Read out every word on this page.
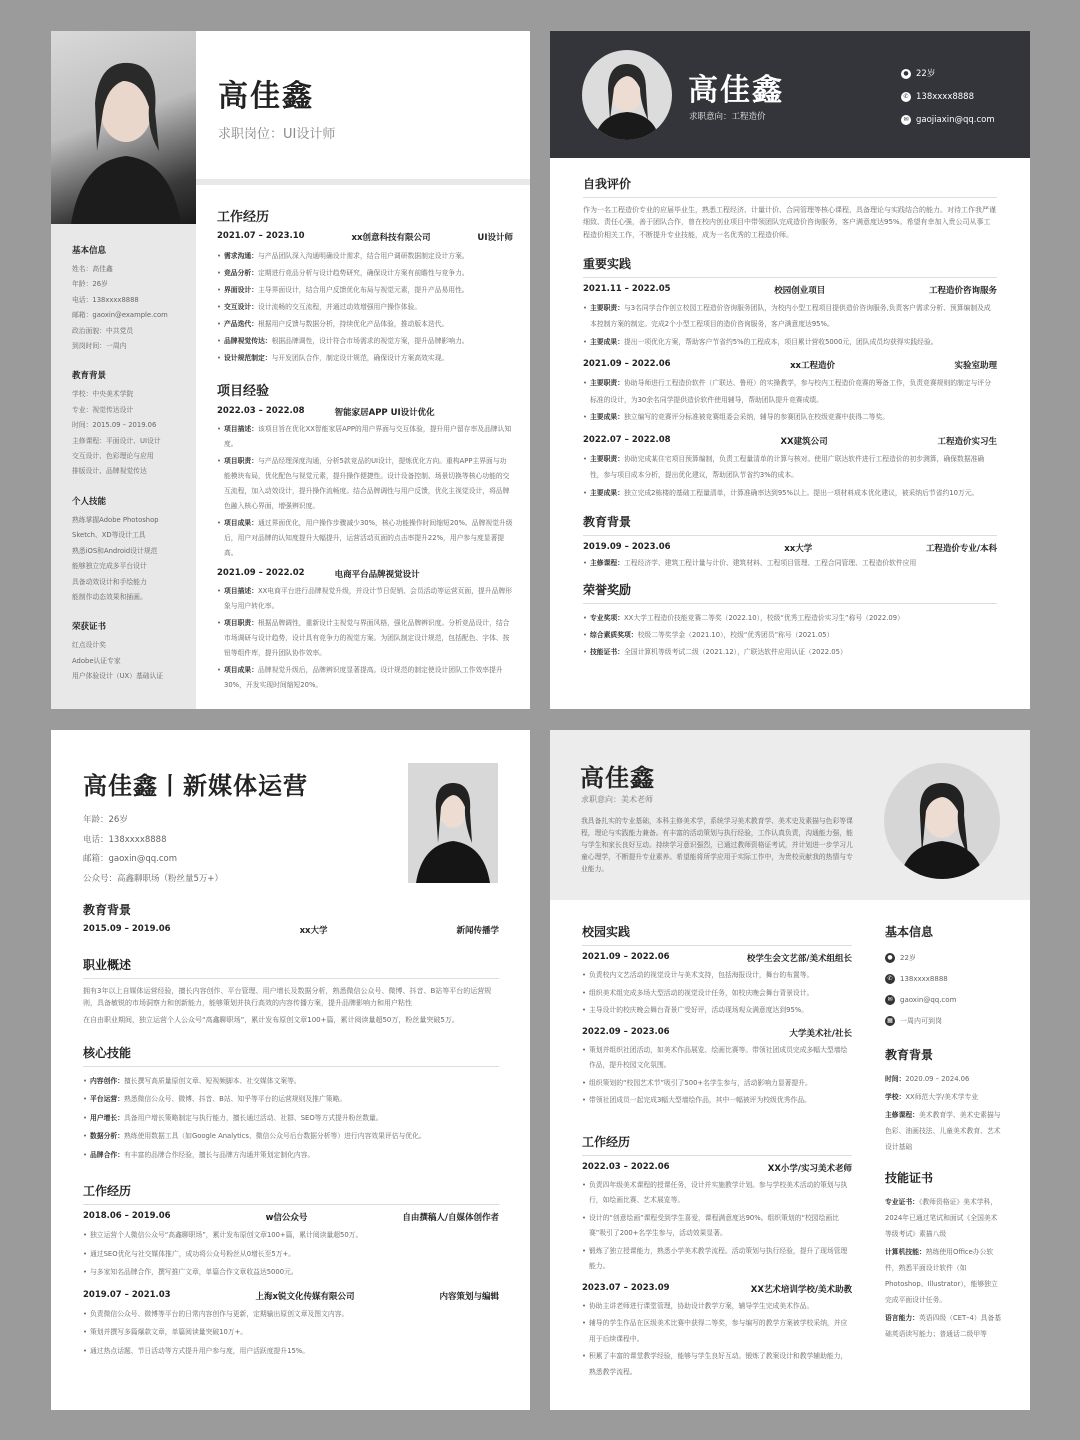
高佳鑫
求职岗位：UI设计师
基本信息
姓名：高佳鑫
年龄：26岁
电话：138xxxx8888
邮箱：gaoxin@example.com
政治面貌：中共党员
到岗时间：一周内
教育背景
学校：中央美术学院
专业：视觉传达设计
时间：2015.09 – 2019.06
主修课程：平面设计、UI设计
交互设计、色彩理论与应用
排版设计、品牌视觉传达
个人技能
熟练掌握Adobe Photoshop
Sketch、XD等设计工具
熟悉iOS和Android设计规范
能够独立完成多平台设计
具备动效设计和手绘能力
能制作动态效果和插画。
荣获证书
红点设计奖
Adobe认证专家
用户体验设计（UX）基础认证
工作经历
2021.07 – 2023.10	xx创意科技有限公司	UI设计师
• 需求沟通：与产品团队深入沟通明确设计需求，结合用户调研数据制定设计方案。
• 竞品分析：定期进行竞品分析与设计趋势研究，确保设计方案有前瞻性与竞争力。
• 界面设计：主导界面设计，结合用户反馈优化布局与视觉元素，提升产品易用性。
• 交互设计：设计流畅的交互流程，并通过动效增强用户操作体验。
• 产品迭代：根据用户反馈与数据分析，持续优化产品体验，推动版本迭代。
• 品牌视觉传达：根据品牌调性，设计符合市场需求的视觉方案，提升品牌影响力。
• 设计规范制定：与开发团队合作，制定设计规范，确保设计方案高效实现。
项目经验
2022.03 – 2022.08	智能家居APP UI设计优化
• 项目描述：该项目旨在优化XX智能家居APP的用户界面与交互体验，提升用户留存率及品牌认知度。
• 项目职责：与产品经理深度沟通，分析5款竞品的UI设计，提炼优化方向。重构APP主界面与功能模块布局，优化配色与视觉元素，提升操作便捷性。设计设备控制、场景切换等核心功能的交互流程，加入动效设计，提升操作流畅度。结合品牌调性与用户反馈，优化主视觉设计，将品牌色融入核心界面，增强辨识度。
• 项目成果：通过界面优化，用户操作步骤减少30%，核心功能操作时间缩短20%。品牌视觉升级后，用户对品牌的认知度提升大幅提升，运营活动页面的点击率提升22%，用户参与度显著提高。
2021.09 – 2022.02	电商平台品牌视觉设计
• 项目描述：XX电商平台进行品牌视觉升级，并设计节日促销、会员活动等运营页面，提升品牌形象与用户转化率。
• 项目职责：根据品牌调性，重新设计主视觉与界面风格，强化品牌辨识度。分析竞品设计，结合市场调研与设计趋势，设计具有竞争力的视觉方案。为团队制定设计规范，包括配色、字体、按钮等组件库，提升团队协作效率。
• 项目成果：品牌视觉升级后，品牌辨识度显著提高。设计规范的制定使设计团队工作效率提升30%，开发实现时间缩短20%。
高佳鑫
求职意向：工程造价
● 22岁
✆ 138xxxx8888
✉ gaojiaxin@qq.com
自我评价
作为一名工程造价专业的应届毕业生，熟悉工程经济、计量计价、合同管理等核心课程，具备理论与实践结合的能力。对待工作我严谨细致、责任心强，善于团队合作，曾在校内创业项目中带领团队完成造价咨询服务，客户满意度达95%。希望有幸加入贵公司从事工程造价相关工作，不断提升专业技能，成为一名优秀的工程造价师。
重要实践
2021.11 – 2022.05	校园创业项目	工程造价咨询服务
• 主要职责：与3名同学合作创立校园工程造价咨询服务团队，为校内小型工程项目提供造价咨询服务,负责客户需求分析、预算编制及成本控制方案的制定。完成2个小型工程项目的造价咨询服务，客户满意度达95%。
• 主要成果：提出一项优化方案，帮助客户节省约5%的工程成本，项目累计营收5000元，团队成员均获得实践经验。
2021.09 – 2022.06	xx工程造价	实验室助理
• 主要职责：协助导师进行工程造价软件（广联达、鲁班）的实操教学，参与校内工程造价竞赛的筹备工作，负责竞赛规则的制定与评分标准的设计，为30余名同学提供造价软件使用辅导，帮助团队提升竞赛成绩。
• 主要成果：独立编写的竞赛评分标准被竞赛组委会采纳，辅导的参赛团队在校级竞赛中获得二等奖。
2022.07 – 2022.08	XX建筑公司	工程造价实习生
• 主要职责：协助完成某住宅项目预算编制，负责工程量清单的计算与核对。使用广联达软件进行工程造价的初步测算，确保数据准确性，参与项目成本分析，提出优化建议，帮助团队节省约3%的成本。
• 主要成果：独立完成2栋楼的基础工程量清单，计算准确率达到95%以上。提出一项材料成本优化建议，被采纳后节省约10万元。
教育背景
2019.09 – 2023.06	xx大学	工程造价专业/本科
• 主修课程：工程经济学、建筑工程计量与计价、建筑材料、工程项目管理、工程合同管理、工程造价软件应用
荣誉奖励
• 专业奖项：XX大学工程造价技能竞赛二等奖（2022.10），校级“优秀工程造价实习生”称号（2022.09）
• 综合素质奖项：校级二等奖学金（2021.10），校级“优秀团员”称号（2021.05）
• 技能证书：全国计算机等级考试二级（2021.12），广联达软件应用认证（2022.05）
高佳鑫丨新媒体运营
年龄：26岁
电话：138xxxx8888
邮箱：gaoxin@qq.com
公众号：高鑫聊职场（粉丝量5万+）
教育背景
2015.09 – 2019.06	xx大学	新闻传播学
职业概述
拥有3年以上自媒体运营经验，擅长内容创作、平台管理、用户增长及数据分析，熟悉微信公众号、微博、抖音、B站等平台的运营规则，具备敏锐的市场洞察力和创新能力，能够策划并执行高效的内容传播方案，提升品牌影响力和用户粘性
在自由职业期间，独立运营个人公众号“高鑫聊职场”，累计发布原创文章100+篇，累计阅读量超50万，粉丝量突破5万。
核心技能
• 内容创作：擅长撰写高质量原创文章、短视频脚本、社交媒体文案等。
• 平台运营：熟悉微信公众号、微博、抖音、B站、知乎等平台的运营规则及推广策略。
• 用户增长：具备用户增长策略制定与执行能力，擅长通过活动、社群、SEO等方式提升粉丝数量。
• 数据分析：熟练使用数据工具（如Google Analytics、微信公众号后台数据分析等）进行内容效果评估与优化。
• 品牌合作：有丰富的品牌合作经验，擅长与品牌方沟通并策划定制化内容。
工作经历
2018.06 – 2019.06	w信公众号	自由撰稿人/自媒体创作者
• 独立运营个人微信公众号“高鑫聊职场”，累计发布原创文章100+篇，累计阅读量超50万。
• 通过SEO优化与社交媒体推广，成功将公众号粉丝从0增长至5万+。
• 与多家知名品牌合作，撰写推广文章，单篇合作文章收益达5000元。
2019.07 – 2021.03	上海x锐文化传媒有限公司	内容策划与编辑
• 负责微信公众号、微博等平台的日常内容创作与更新，定期输出原创文章及图文内容。
• 策划并撰写多篇爆款文章，单篇阅读量突破10万+。
• 通过热点话题、节日活动等方式提升用户参与度，用户活跃度提升15%。
高佳鑫
求职意向：美术老师
我具备扎实的专业基础，本科主修美术学，系统学习美术教育学、美术史及素描与色彩等课程，理论与实践能力兼备。有丰富的活动策划与执行经验，工作认真负责，沟通能力强，能与学生和家长良好互动。持续学习意识强烈，已通过教师资格证考试，并计划进一步学习儿童心理学，不断提升专业素养。希望能将所学应用于实际工作中，为贵校贡献我的热情与专业能力。
校园实践
2021.09 – 2022.06	校学生会文艺部/美术组组长
• 负责校内文艺活动的视觉设计与美术支持，包括海报设计，舞台的布置等。
• 组织美术组完成多场大型活动的视觉设计任务，如校庆晚会舞台背景设计。
• 主导设计的校庆晚会舞台背景广受好评，活动现场观众满意度达到95%。
2022.09 – 2023.06	大学美术社/社长
• 策划并组织社团活动，如美术作品展览、绘画比赛等。带领社团成员完成多幅大型墙绘作品，提升校园文化氛围。
• 组织策划的“校园艺术节”吸引了500+名学生参与，活动影响力显著提升。
• 带领社团成员一起完成3幅大型墙绘作品，其中一幅被评为校级优秀作品。
工作经历
2022.03 – 2022.06	XX小学/实习美术老师
• 负责四年级美术课程的授课任务，设计并实施教学计划。参与学校美术活动的策划与执行，如绘画比赛、艺术展览等。
• 设计的“创意绘画”课程受到学生喜爱，课程满意度达90%。组织策划的“校园绘画比赛”吸引了200+名学生参与，活动效果显著。
• 锻炼了独立授课能力，熟悉小学美术教学流程。活动策划与执行经验，提升了现场管理能力。
2023.07 – 2023.09	XX艺术培训学校/美术助教
• 协助主讲老师进行课堂管理，协助设计教学方案，辅导学生完成美术作品。
• 辅导的学生作品在区级美术比赛中获得二等奖，参与编写的教学方案被学校采纳，并应用于后续课程中。
• 积累了丰富的课堂教学经验，能够与学生良好互动。锻炼了教案设计和教学辅助能力，熟悉教学流程。
基本信息
● 22岁
✆ 138xxxx8888
✉ gaoxin@qq.com
▦ 一周内可到岗
教育背景
时间：2020.09 – 2024.06
学校：XX师范大学/美术学专业
主修课程：美术教育学、美术史素描与色彩、油画技法、儿童美术教育、艺术设计基础
技能证书
专业证书：《教师资格证》美术学科，2024年已通过笔试和面试《全国美术等级考试》素描八级
计算机技能：熟练使用Office办公软件，熟悉平面设计软件（如Photoshop、Illustrator），能够独立完成平面设计任务。
语言能力：英语四级（CET–4）具备基础英语读写能力；普通话二级甲等
